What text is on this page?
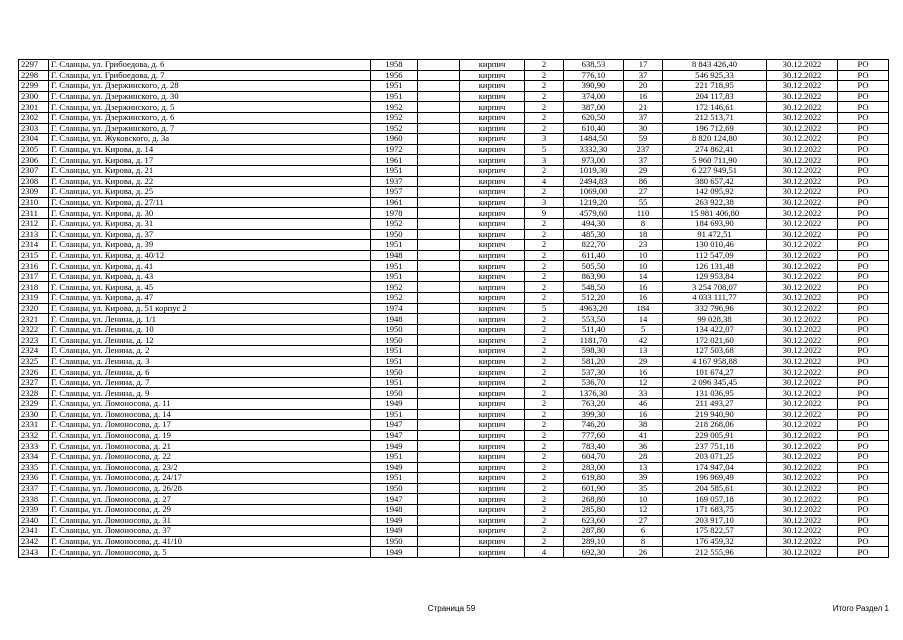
2297	Г. Сланцы, ул. Грибоедова, д. 6	1958		кирпич	2	638,53	17	8 843 426,40	30.12.2022	РО
2298	Г. Сланцы, ул. Грибоедова, д. 7	1956		кирпич	2	776,10	37	546 925,33	30.12.2022	РО
2299	Г. Сланцы, ул. Дзержинского, д. 28	1951		кирпич	2	390,90	20	221 718,95	30.12.2022	РО
2300	Г. Сланцы, ул. Дзержинского, д. 30	1951		кирпич	2	374,00	16	204 117,83	30.12.2022	РО
2301	Г. Сланцы, ул. Дзержинского, д. 5	1952		кирпич	2	387,00	21	172 146,61	30.12.2022	РО
2302	Г. Сланцы, ул. Дзержинского, д. 6	1952		кирпич	2	620,50	37	212 513,71	30.12.2022	РО
2303	Г. Сланцы, ул. Дзержинского, д. 7	1952		кирпич	2	610,40	30	196 712,69	30.12.2022	РО
2304	Г. Сланцы, ул. Жуковского, д. 3а	1960		кирпич	3	1484,50	59	8 820 124,80	30.12.2022	РО
2305	Г. Сланцы, ул. Кирова, д. 14	1972		кирпич	5	3332,30	237	274 862,41	30.12.2022	РО
2306	Г. Сланцы, ул. Кирова, д. 17	1961		кирпич	3	973,00	37	5 960 711,90	30.12.2022	РО
2307	Г. Сланцы, ул. Кирова, д. 21	1951		кирпич	2	1019,30	29	6 227 949,51	30.12.2022	РО
2308	Г. Сланцы, ул. Кирова, д. 22	1937		кирпич	4	2494,83	86	380 657,42	30.12.2022	РО
2309	Г. Сланцы, ул. Кирова, д. 25	1957		кирпич	2	1069,00	27	142 095,92	30.12.2022	РО
2310	Г. Сланцы, ул. Кирова, д. 27/11	1961		кирпич	3	1219,20	55	263 922,38	30.12.2022	РО
2311	Г. Сланцы, ул. Кирова, д. 30	1978		кирпич	9	4579,60	110	15 981 406,80	30.12.2022	РО
2312	Г. Сланцы, ул. Кирова, д. 31	1952		кирпич	2	494,30	8	184 693,90	30.12.2022	РО
2313	Г. Сланцы, ул. Кирова, д. 37	1950		кирпич	2	485,30	18	91 472,51	30.12.2022	РО
2314	Г. Сланцы, ул. Кирова, д. 39	1951		кирпич	2	822,70	23	130 010,46	30.12.2022	РО
2315	Г. Сланцы, ул. Кирова, д. 40/12	1948		кирпич	2	611,40	10	112 547,09	30.12.2022	РО
2316	Г. Сланцы, ул. Кирова, д. 41	1951		кирпич	2	505,50	10	126 131,48	30.12.2022	РО
2317	Г. Сланцы, ул. Кирова, д. 43	1951		кирпич	2	863,90	14	129 953,84	30.12.2022	РО
2318	Г. Сланцы, ул. Кирова, д. 45	1952		кирпич	2	548,50	16	3 254 708,07	30.12.2022	РО
2319	Г. Сланцы, ул. Кирова, д. 47	1952		кирпич	2	512,20	16	4 033 111,77	30.12.2022	РО
2320	Г. Сланцы, ул. Кирова, д. 51 корпус 2	1974		кирпич	5	4963,20	184	332 796,96	30.12.2022	РО
2321	Г. Сланцы, ул. Ленина, д. 1/1	1948		кирпич	2	553,50	14	99 028,38	30.12.2022	РО
2322	Г. Сланцы, ул. Ленина, д. 10	1950		кирпич	2	511,40	5	134 422,07	30.12.2022	РО
2323	Г. Сланцы, ул. Ленина, д. 12	1950		кирпич	2	1181,70	42	172 021,60	30.12.2022	РО
2324	Г. Сланцы, ул. Ленина, д. 2	1951		кирпич	2	598,30	13	127 503,68	30.12.2022	РО
2325	Г. Сланцы, ул. Ленина, д. 3	1951		кирпич	2	581,20	29	4 167 958,88	30.12.2022	РО
2326	Г. Сланцы, ул. Ленина, д. 6	1950		кирпич	2	537,30	16	101 674,27	30.12.2022	РО
2327	Г. Сланцы, ул. Ленина, д. 7	1951		кирпич	2	536,70	12	2 096 345,45	30.12.2022	РО
2328	Г. Сланцы, ул. Ленина, д. 9	1950		кирпич	2	1376,30	33	131 036,95	30.12.2022	РО
2329	Г. Сланцы, ул. Ломоносова, д. 11	1949		кирпич	2	763,20	46	211 493,27	30.12.2022	РО
2330	Г. Сланцы, ул. Ломоносова, д. 14	1951		кирпич	2	399,30	16	219 940,90	30.12.2022	РО
2331	Г. Сланцы, ул. Ломоносова, д. 17	1947		кирпич	2	746,20	38	218 268,06	30.12.2022	РО
2332	Г. Сланцы, ул. Ломоносова, д. 19	1947		кирпич	2	777,60	41	229 005,91	30.12.2022	РО
2333	Г. Сланцы, ул. Ломоносова, д. 21	1949		кирпич	2	783,40	36	237 751,18	30.12.2022	РО
2334	Г. Сланцы, ул. Ломоносова, д. 22	1951		кирпич	2	604,70	28	203 071,25	30.12.2022	РО
2335	Г. Сланцы, ул. Ломоносова, д. 23/2	1949		кирпич	2	283,00	13	174 947,04	30.12.2022	РО
2336	Г. Сланцы, ул. Ломоносова, д. 24/17	1951		кирпич	2	619,80	39	196 969,49	30.12.2022	РО
2337	Г. Сланцы, ул. Ломоносова, д. 26/28	1950		кирпич	2	601,90	35	204 585,61	30.12.2022	РО
2338	Г. Сланцы, ул. Ломоносова, д. 27	1947		кирпич	2	268,80	10	169 057,18	30.12.2022	РО
2339	Г. Сланцы, ул. Ломоносова, д. 29	1948		кирпич	2	285,80	12	171 683,75	30.12.2022	РО
2340	Г. Сланцы, ул. Ломоносова, д. 31	1949		кирпич	2	623,60	27	203 917,10	30.12.2022	РО
2341	Г. Сланцы, ул. Ломоносова, д. 37	1949		кирпич	2	287,80	6	175 822,57	30.12.2022	РО
2342	Г. Сланцы, ул. Ломоносова, д. 41/10	1950		кирпич	2	289,10	8	176 459,32	30.12.2022	РО
2343	Г. Сланцы, ул. Ломоносова, д. 5	1949		кирпич	4	692,30	26	212 555,96	30.12.2022	РО
Страница 59	Итого Раздел 1
